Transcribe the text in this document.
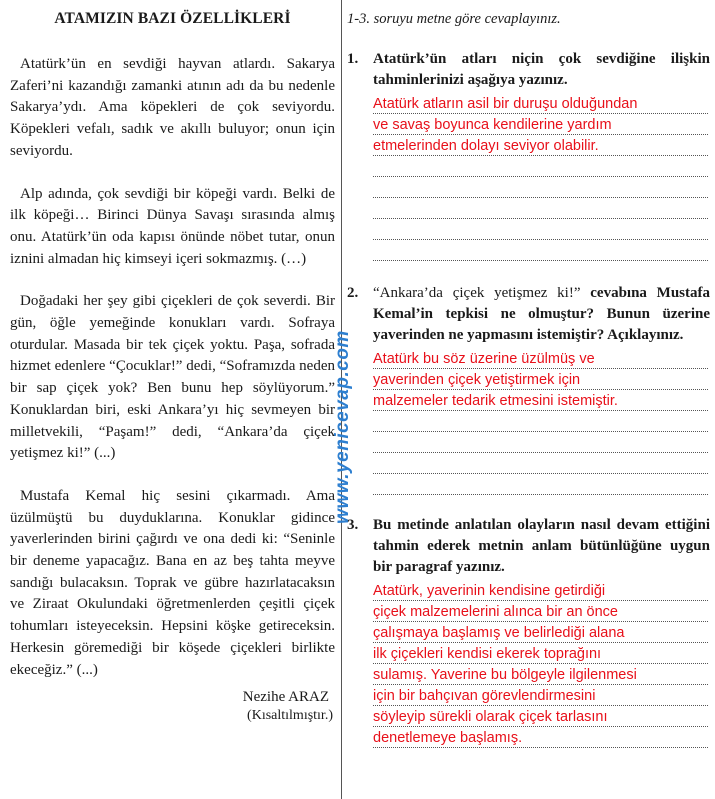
ATAMIZIN BAZI ÖZELLİKLERİ

Atatürk’ün en sevdiği hayvan atlardı. Sakarya Zaferi’ni kazandığı zamanki atının adı da bu nedenle Sakarya’ydı. Ama köpekleri de çok seviyordu. Köpekleri vefalı, sadık ve akıllı buluyor; onun için seviyordu.

Alp adında, çok sevdiği bir köpeği vardı. Belki de ilk köpeği… Birinci Dünya Savaşı sırasında almış onu. Atatürk’ün oda kapısı önünde nöbet tutar, onun iznini almadan hiç kimseyi içeri sokmazmış. (…)

Doğadaki her şey gibi çiçekleri de çok severdi. Bir gün, öğle yemeğinde konukları vardı. Sofraya oturdular. Masada bir tek çiçek yoktu. Paşa, sofrada hizmet edenlere “Çocuklar!” dedi, “Soframızda neden bir sap çiçek yok? Ben bunu hep söylüyorum.” Konuklardan biri, eski Ankara’yı hiç sevmeyen bir milletvekili, “Paşam!” dedi, “Ankara’da çiçek yetişmez ki!” (...)

Mustafa Kemal hiç sesini çıkarmadı. Ama üzülmüştü bu duyduklarına. Konuklar gidince yaverlerinden birini çağırdı ve ona dedi ki: “Seninle bir deneme yapacağız. Bana en az beş tahta meyve sandığı bulacaksın. Toprak ve gübre hazırlatacaksın ve Ziraat Okulundaki öğretmenlerden çeşitli çiçek tohumları isteyeceksin. Hepsini köşke getireceksin. Herkesin göremediği bir köşede çiçekleri birlikte ekeceğiz.” (...)

Nezihe ARAZ
(Kısaltılmıştır.)
www.yenicevap.com
1-3. soruyu metne göre cevaplayınız.
1. Atatürk’ün atları niçin çok sevdiğine ilişkin tahminlerinizi aşağıya yazınız.
Atatürk atların asil bir duruşu olduğundan
ve savaş boyunca kendilerine yardım
etmelerinden dolayı seviyor olabilir.
2. “Ankara’da çiçek yetişmez ki!” cevabına Mustafa Kemal’in tepkisi ne olmuştur? Bunun üzerine yaverinden ne yapmasını istemiştir? Açıklayınız.
Atatürk bu söz üzerine üzülmüş ve
yaverinden çiçek yetiştirmek için
malzemeler tedarik etmesini istemiştir.
3. Bu metinde anlatılan olayların nasıl devam ettiğini tahmin ederek metnin anlam bütünlüğüne uygun bir paragraf yazınız.
Atatürk, yaverinin kendisine getirdiği
çiçek malzemelerini alınca bir an önce
çalışmaya başlamış ve belirlediği alana
ilk çiçekleri kendisi ekerek toprağını
sulamış. Yaverine bu bölgeyle ilgilenmesi
için bir bahçıvan görevlendirmesini
söyleyip sürekli olarak çiçek tarlasını
denetlemeye başlamış.
